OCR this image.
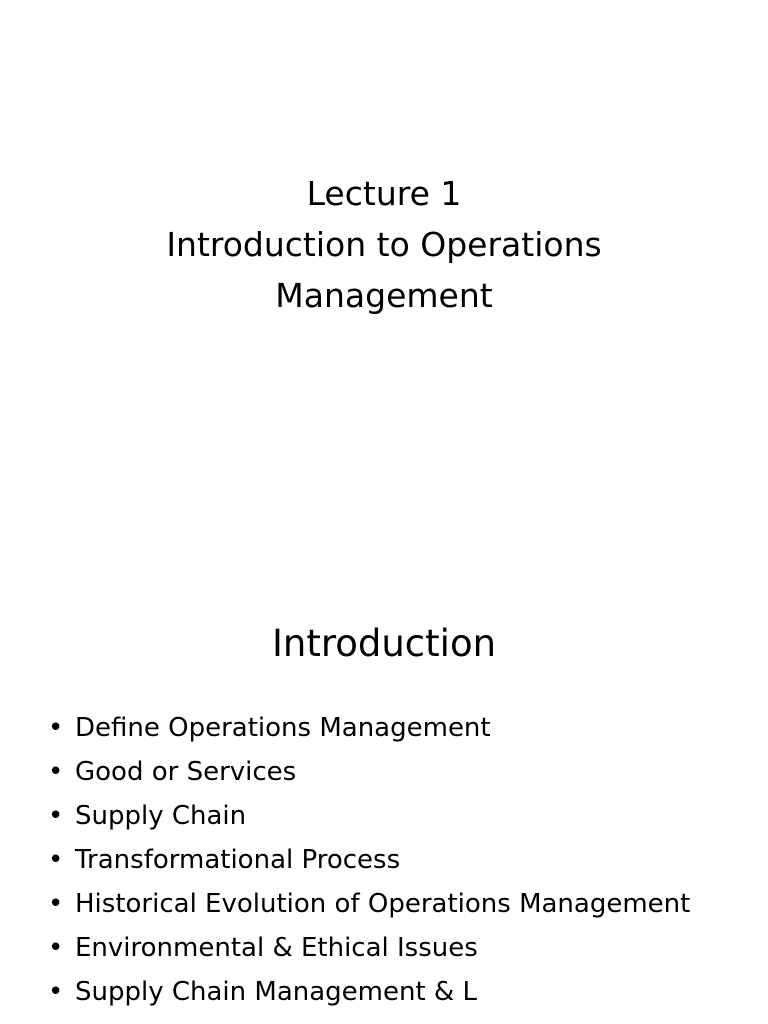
Lecture 1
Introduction to Operations
Management
Introduction
• Define Operations Management
• Good or Services
• Supply Chain
• Transformational Process
• Historical Evolution of Operations Management
• Environmental & Ethical Issues
• Supply Chain Management & L
